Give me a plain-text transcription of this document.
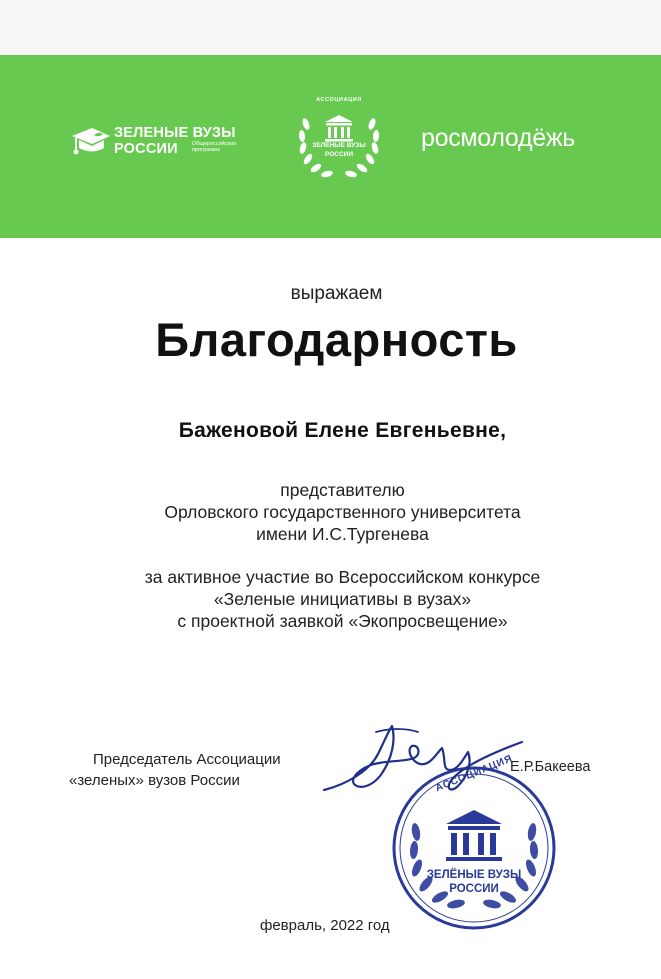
ЗЕЛЕНЫЕ ВУЗЫ
РОССИИ	Общероссийская программа
АССОЦИАЦИЯ
ЗЕЛЁНЫЕ ВУЗЫ
РОССИИ
росмолодёжь
выражаем
Благодарность
Баженовой Елене Евгеньевне,
представителю
Орловского государственного университета
имени И.С.Тургенева
за активное участие во Всероссийском конкурсе
«Зеленые инициативы в вузах»
с проектной заявкой «Экопросвещение»
Председатель Ассоциации
«зеленых» вузов России	АССОЦИАЦИЯ
ЗЕЛЁНЫЕ ВУЗЫ
РОССИИ
Е.Р.Бакеева
февраль, 2022 год
